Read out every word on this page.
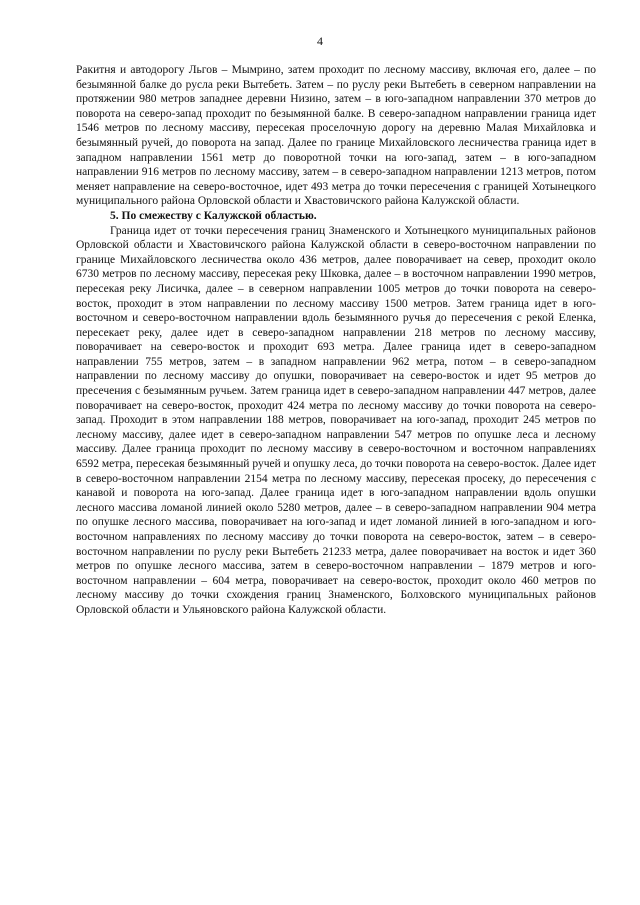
4

Ракитня и автодорогу Льгов – Мымрино, затем проходит по лесному массиву, включая его, далее – по безымянной балке до русла реки Вытебеть. Затем – по руслу реки Вытебеть в северном направлении на протяжении 980 метров западнее деревни Низино, затем – в юго-западном направлении 370 метров до поворота на северо-запад проходит по безымянной балке. В северо-западном направлении граница идет 1546 метров по лесному массиву, пересекая проселочную дорогу на деревню Малая Михайловка и безымянный ручей, до поворота на запад. Далее по границе Михайловского лесничества граница идет в западном направлении 1561 метр до поворотной точки на юго-запад, затем – в юго-западном направлении 916 метров по лесному массиву, затем – в северо-западном направлении 1213 метров, потом меняет направление на северо-восточное, идет 493 метра до точки пересечения с границей Хотынецкого муниципального района Орловской области и Хвастовичского района Калужской области.

5. По смежеству с Калужской областью.

Граница идет от точки пересечения границ Знаменского и Хотынецкого муниципальных районов Орловской области и Хвастовичского района Калужской области в северо-восточном направлении по границе Михайловского лесничества около 436 метров, далее поворачивает на север, проходит около 6730 метров по лесному массиву, пересекая реку Шковка, далее – в восточном направлении 1990 метров, пересекая реку Лисичка, далее – в северном направлении 1005 метров до точки поворота на северо-восток, проходит в этом направлении по лесному массиву 1500 метров. Затем граница идет в юго-восточном и северо-восточном направлении вдоль безымянного ручья до пересечения с рекой Еленка, пересекает реку, далее идет в северо-западном направлении 218 метров по лесному массиву, поворачивает на северо-восток и проходит 693 метра. Далее граница идет в северо-западном направлении 755 метров, затем – в западном направлении 962 метра, потом – в северо-западном направлении по лесному массиву до опушки, поворачивает на северо-восток и идет 95 метров до пресечения с безымянным ручьем. Затем граница идет в северо-западном направлении 447 метров, далее поворачивает на северо-восток, проходит 424 метра по лесному массиву до точки поворота на северо-запад. Проходит в этом направлении 188 метров, поворачивает на юго-запад, проходит 245 метров по лесному массиву, далее идет в северо-западном направлении 547 метров по опушке леса и лесному массиву. Далее граница проходит по лесному массиву в северо-восточном и восточном направлениях 6592 метра, пересекая безымянный ручей и опушку леса, до точки поворота на северо-восток. Далее идет в северо-восточном направлении 2154 метра по лесному массиву, пересекая просеку, до пересечения с канавой и поворота на юго-запад. Далее граница идет в юго-западном направлении вдоль опушки лесного массива ломаной линией около 5280 метров, далее – в северо-западном направлении 904 метра по опушке лесного массива, поворачивает на юго-запад и идет ломаной линией в юго-западном и юго-восточном направлениях по лесному массиву до точки поворота на северо-восток, затем – в северо-восточном направлении по руслу реки Вытебеть 21233 метра, далее поворачивает на восток и идет 360 метров по опушке лесного массива, затем в северо-восточном направлении – 1879 метров и юго-восточном направлении – 604 метра, поворачивает на северо-восток, проходит около 460 метров по лесному массиву до точки схождения границ Знаменского, Болховского муниципальных районов Орловской области и Ульяновского района Калужской области.
